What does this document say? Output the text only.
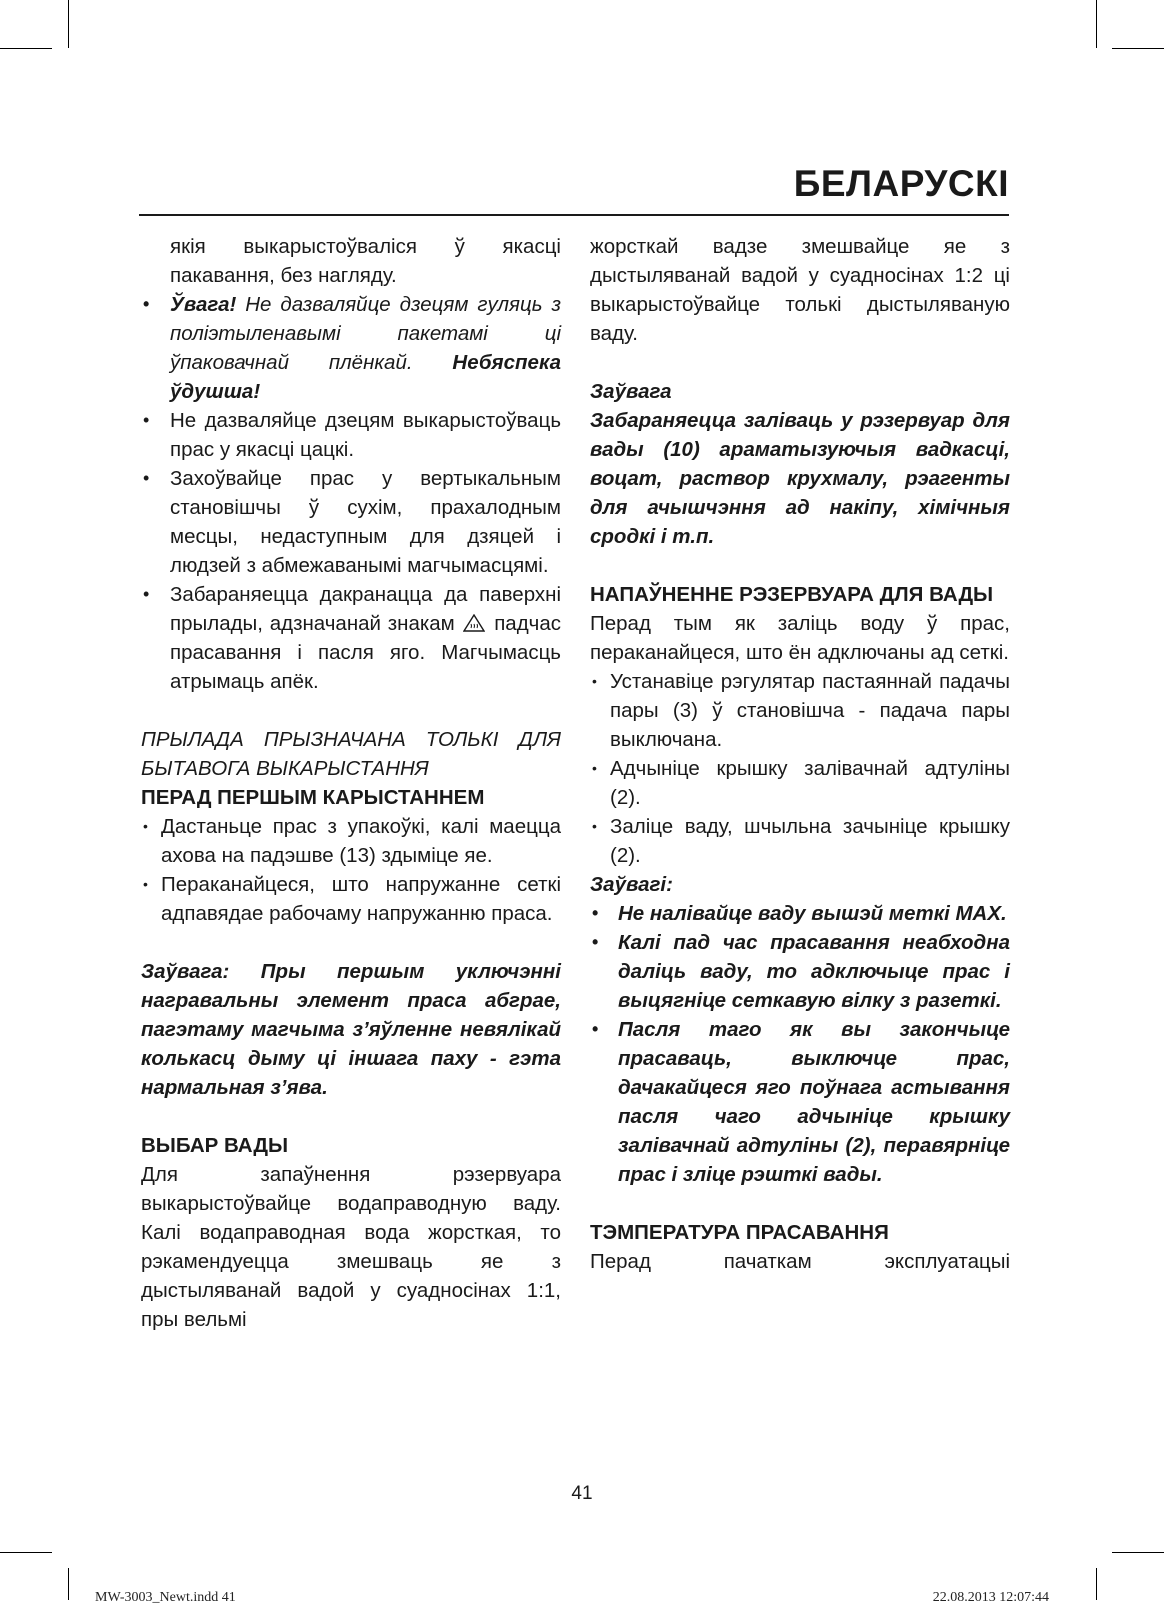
БЕЛАРУСКІ

якія выкарыстоўваліся ў якасці пакавання, без нагляду.

• Ўвага! Не дазваляйце дзецям гуляць з поліэтыленавымі пакетамі ці ўпаковачнай плёнкай. Небяспека ўдушша!
• Не дазваляйце дзецям выкарыстоўваць прас у якасці цацкі.
• Захоўвайце прас у вертыкальным становішчы ў сухім, прахалодным месцы, недаступным для дзяцей і людзей з абмежаванымі магчымасцямі.
• Забараняецца дакранацца да паверхні прылады, адзначанай знакам  падчас прасавання і пасля яго. Магчымасць атрымаць апёк.

ПРЫЛАДА ПРЫЗНАЧАНА ТОЛЬКІ ДЛЯ БЫТАВОГА ВЫКАРЫСТАННЯ

ПЕРАД ПЕРШЫМ КАРЫСТАННЕМ

• Дастаньце прас з упакоўкі, калі маецца ахова на падэшве (13) здыміце яе.
• Пераканайцеся, што напружанне сеткі адпавядае рабочаму напружанню праса.

Заўвага: Пры першым уключэнні награвальны элемент праса абграе, пагэтаму магчыма з’яўленне невялікай колькасц дыму ці іншага паху - гэта нармальная з’ява.

ВЫБАР ВАДЫ

Для запаўнення рэзервуара выкарыстоўвайце водаправодную ваду. Калі водаправодная вода жорсткая, то рэкамендуецца змешваць яе з дыстыляванай вадой у суадносінах 1:1, пры вельмі

жорсткай вадзе змешвайце яе з дыстыляванай вадой у суадносінах 1:2 ці выкарыстоўвайце толькі дыстыляваную ваду.

Заўвага

Забараняецца заліваць у рэзервуар для вады (10) араматызуючыя вадкасці, воцат, раствор крухмалу, рэагенты для ачышчэння ад накіпу, хімічныя сродкі і т.п.

НАПАЎНЕННЕ РЭЗЕРВУАРА ДЛЯ ВАДЫ

Перад тым як заліць воду ў прас, пераканайцеся, што ён адключаны ад сеткі.

• Устанавіце рэгулятар пастаяннай падачы пары (3) ў становішча - падача пары выключана.
• Адчыніце крышку залівачнай адтуліны (2).
• Заліце ваду, шчыльна зачыніце крышку (2).

Заўвагі:

• Не налівайце ваду вышэй меткі MAX.
• Калі пад час прасавання неабходна даліць ваду, то адключыце прас і выцягніце сеткавую вілку з разеткі.
• Пасля таго як вы закончыце прасаваць, выключце прас, дачакайцеся яго поўнага астывання пасля чаго адчыніце крышку залівачнай адтуліны (2), перавярніце прас і зліце рэшткі вады.

ТЭМПЕРАТУРА ПРАСАВАННЯ

Перад пачаткам эксплуатацыі

41
MW-3003_Newt.indd 41	22.08.2013 12:07:44
